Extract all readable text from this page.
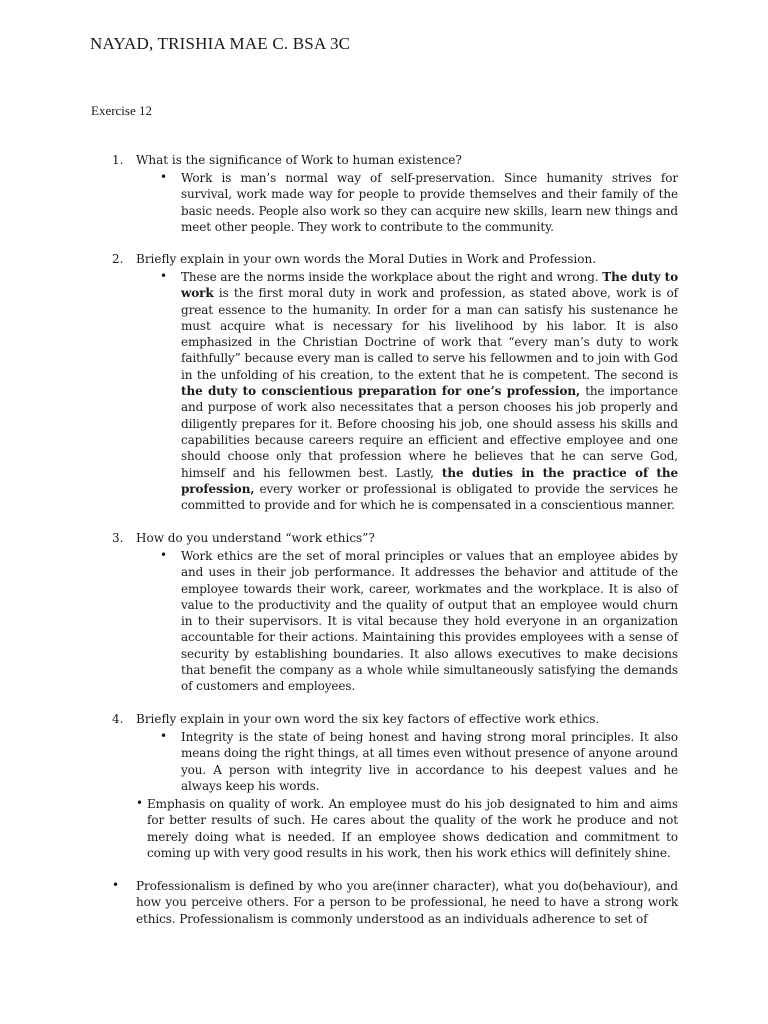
NAYAD, TRISHIA MAE C. BSA 3C
Exercise 12
1. What is the significance of Work to human existence?
• Work is man’s normal way of self-preservation. Since humanity strives for survival, work made way for people to provide themselves and their family of the basic needs. People also work so they can acquire new skills, learn new things and meet other people. They work to contribute to the community.
2. Briefly explain in your own words the Moral Duties in Work and Profession.
• These are the norms inside the workplace about the right and wrong. The duty to work is the first moral duty in work and profession, as stated above, work is of great essence to the humanity. In order for a man can satisfy his sustenance he must acquire what is necessary for his livelihood by his labor. It is also emphasized in the Christian Doctrine of work that “every man’s duty to work faithfully” because every man is called to serve his fellowmen and to join with God in the unfolding of his creation, to the extent that he is competent. The second is the duty to conscientious preparation for one’s profession, the importance and purpose of work also necessitates that a person chooses his job properly and diligently prepares for it. Before choosing his job, one should assess his skills and capabilities because careers require an efficient and effective employee and one should choose only that profession where he believes that he can serve God, himself and his fellowmen best. Lastly, the duties in the practice of the profession, every worker or professional is obligated to provide the services he committed to provide and for which he is compensated in a conscientious manner.
3. How do you understand “work ethics”?
• Work ethics are the set of moral principles or values that an employee abides by and uses in their job performance. It addresses the behavior and attitude of the employee towards their work, career, workmates and the workplace. It is also of value to the productivity and the quality of output that an employee would churn in to their supervisors. It is vital because they hold everyone in an organization accountable for their actions. Maintaining this provides employees with a sense of security by establishing boundaries. It also allows executives to make decisions that benefit the company as a whole while simultaneously satisfying the demands of customers and employees.
4. Briefly explain in your own word the six key factors of effective work ethics.
• Integrity is the state of being honest and having strong moral principles. It also means doing the right things, at all times even without presence of anyone around you. A person with integrity live in accordance to his deepest values and he always keep his words.
• Emphasis on quality of work. An employee must do his job designated to him and aims for better results of such. He cares about the quality of the work he produce and not merely doing what is needed. If an employee shows dedication and commitment to coming up with very good results in his work, then his work ethics will definitely shine.
• Professionalism is defined by who you are(inner character), what you do(behaviour), and how you perceive others. For a person to be professional, he need to have a strong work ethics. Professionalism is commonly understood as an individuals adherence to set of
